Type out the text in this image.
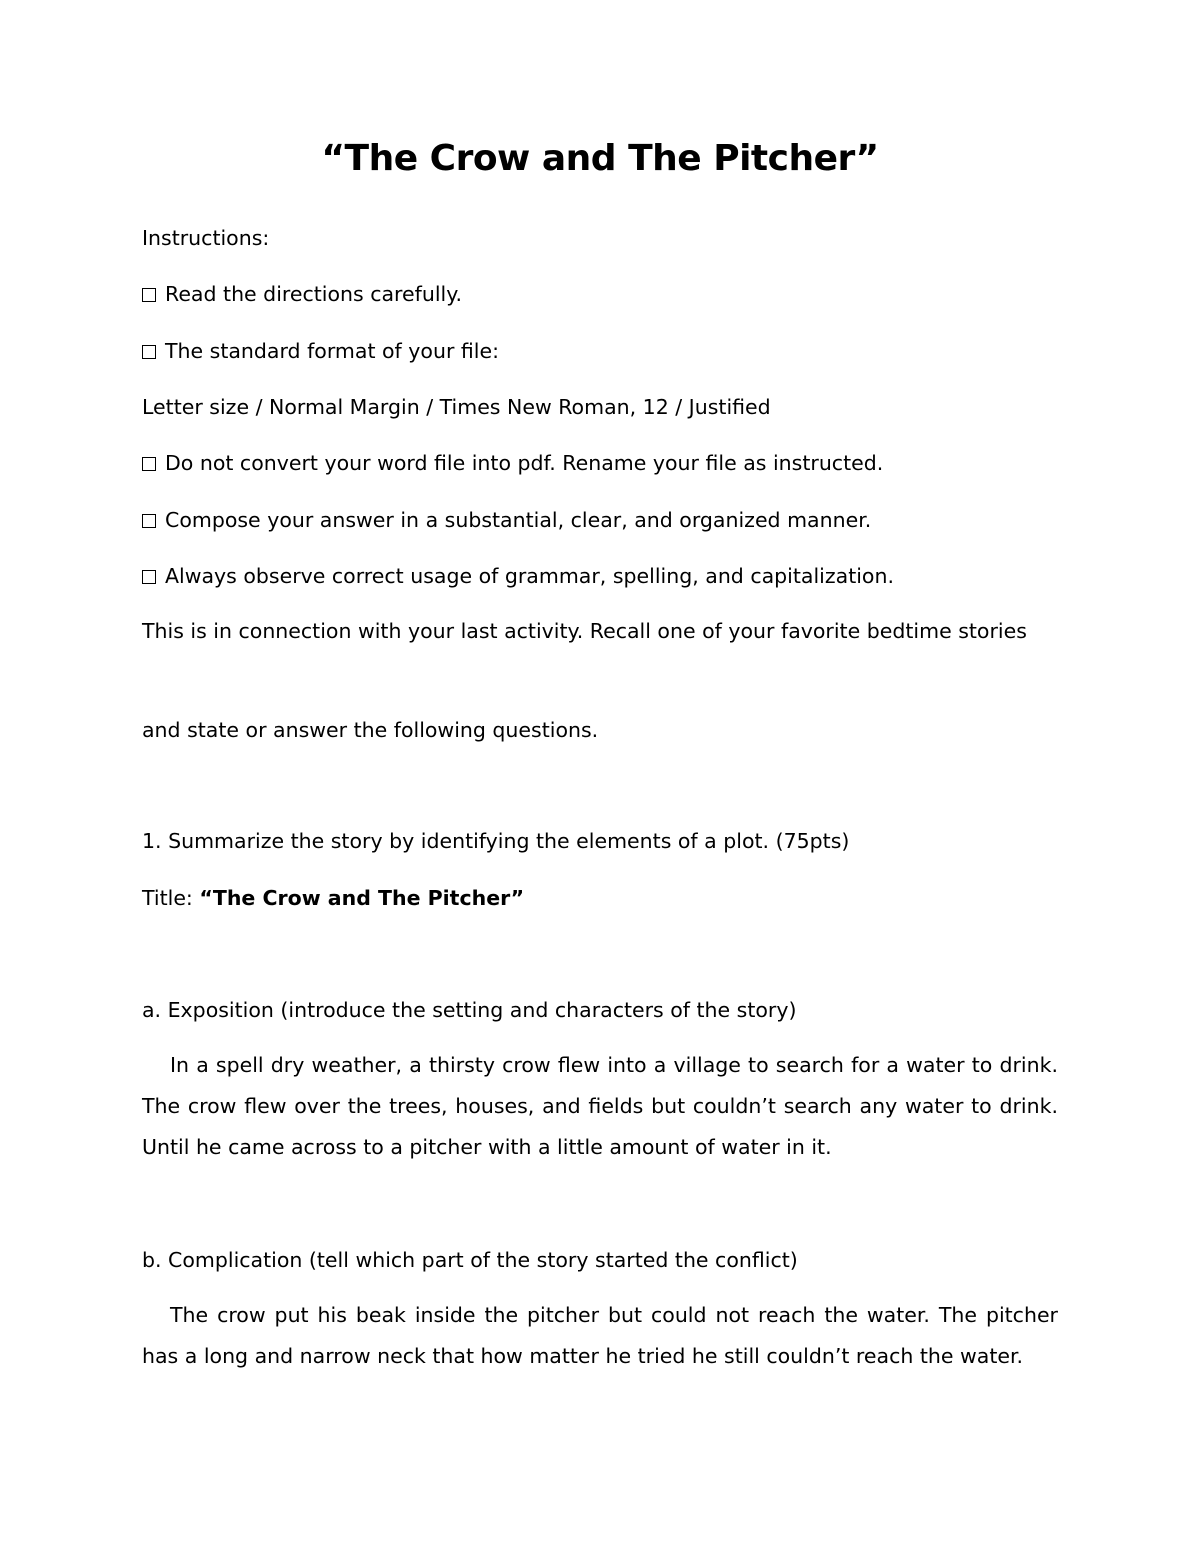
“The Crow and The Pitcher”

Instructions:

Read the directions carefully.

The standard format of your file:

Letter size / Normal Margin / Times New Roman, 12 / Justified

Do not convert your word file into pdf. Rename your file as instructed.

Compose your answer in a substantial, clear, and organized manner.

Always observe correct usage of grammar, spelling, and capitalization.

This is in connection with your last activity. Recall one of your favorite bedtime stories

and state or answer the following questions.

1. Summarize the story by identifying the elements of a plot. (75pts)

Title: “The Crow and The Pitcher”

a. Exposition (introduce the setting and characters of the story)

In a spell dry weather, a thirsty crow flew into a village to search for a water to drink. The crow flew over the trees, houses, and fields but couldn’t search any water to drink. Until he came across to a pitcher with a little amount of water in it.

b. Complication (tell which part of the story started the conflict)

The crow put his beak inside the pitcher but could not reach the water. The pitcher has a long and narrow neck that how matter he tried he still couldn’t reach the water.
